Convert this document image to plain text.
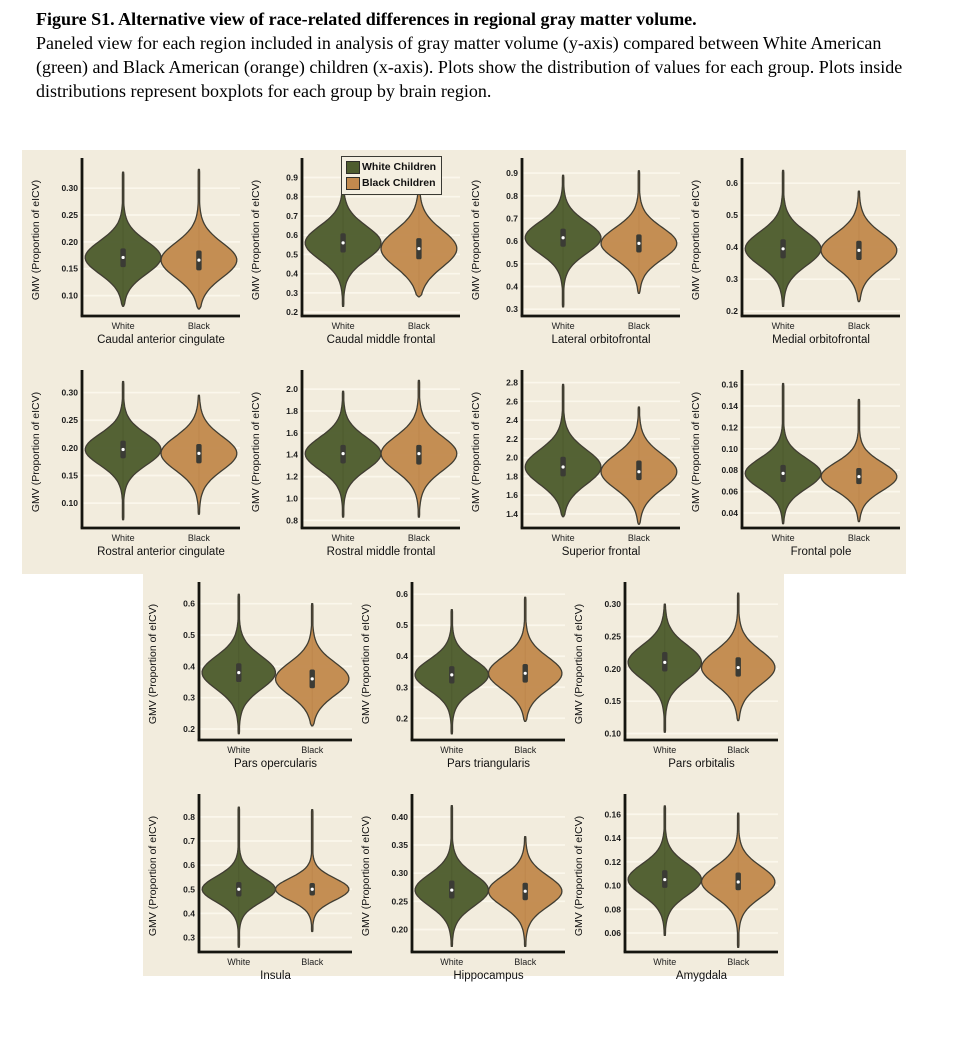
Figure S1. Alternative view of race-related differences in regional gray matter volume.
Paneled view for each region included in analysis of gray matter volume (y-axis) compared between White American (green) and Black American (orange) children (x-axis). Plots show the distribution of values for each group. Plots inside distributions represent boxplots for each group by brain region.
0.10
0.15
0.20
0.25
0.30
GMV (Proportion of eICV)
White	Black
Caudal anterior cingulate
0.2
0.3
0.4
0.5
0.6
0.7
0.8
0.9
GMV (Proportion of eICV)
White	Black
Caudal middle frontal
0.3
0.4
0.5
0.6
0.7
0.8
0.9
GMV (Proportion of eICV)
White	Black
Lateral orbitofrontal
0.2
0.3
0.4
0.5
0.6
GMV (Proportion of eICV)
White	Black
Medial orbitofrontal
0.10
0.15
0.20
0.25
0.30
GMV (Proportion of eICV)
White	Black
Rostral anterior cingulate
0.8
1.0
1.2
1.4
1.6
1.8
2.0
GMV (Proportion of eICV)
White	Black
Rostral middle frontal
1.4
1.6
1.8
2.0
2.2
2.4
2.6
2.8
GMV (Proportion of eICV)
White	Black
Superior frontal
0.04
0.06
0.08
0.10
0.12
0.14
0.16
GMV (Proportion of eICV)
White	Black
Frontal pole
0.2
0.3
0.4
0.5
0.6
GMV (Proportion of eICV)
White	Black
Pars opercularis
0.2
0.3
0.4
0.5
0.6
GMV (Proportion of eICV)
White	Black
Pars triangularis
0.10
0.15
0.20
0.25
0.30
GMV (Proportion of eICV)
White	Black
Pars orbitalis
0.3
0.4
0.5
0.6
0.7
0.8
GMV (Proportion of eICV)
White	Black
Insula
0.20
0.25
0.30
0.35
0.40
GMV (Proportion of eICV)
White	Black
Hippocampus
0.06
0.08
0.10
0.12
0.14
0.16
GMV (Proportion of eICV)
White	Black
Amygdala
White Children
Black Children
